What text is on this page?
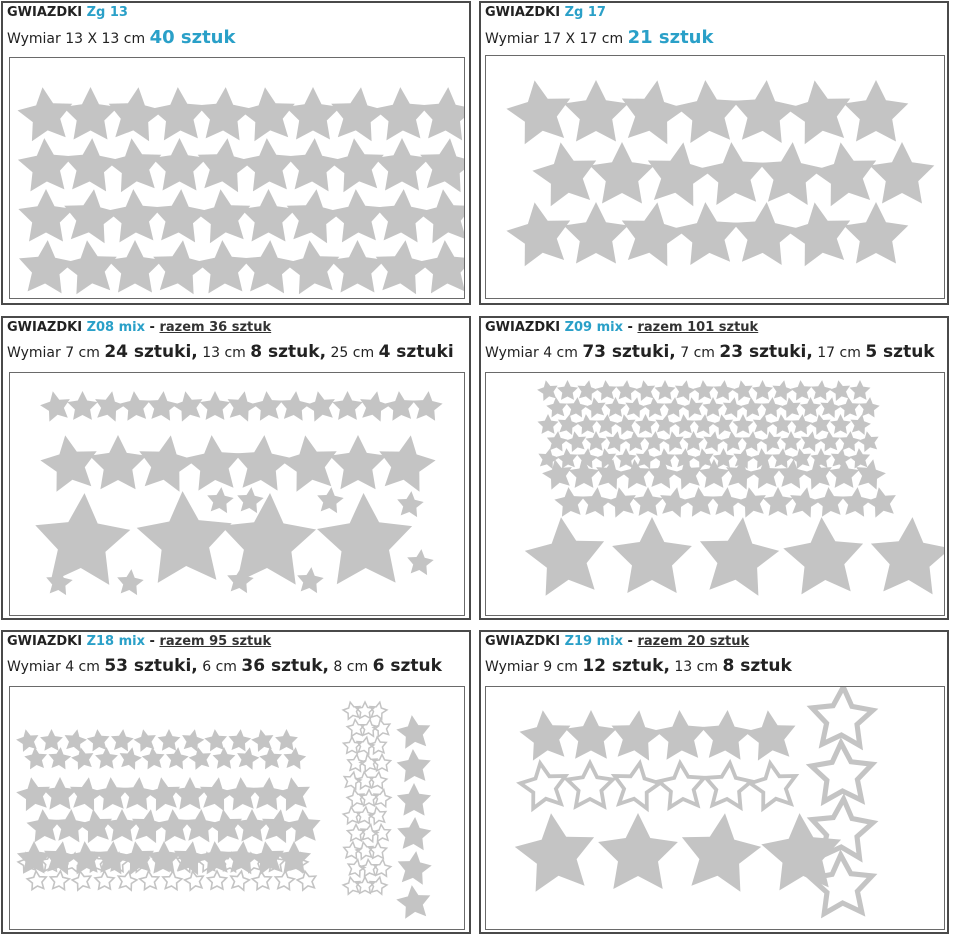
GWIAZDKI Zg 13
Wymiar 13 X 13 cm 40 sztuk
GWIAZDKI Zg 17
Wymiar 17 X 17 cm 21 sztuk
GWIAZDKI Z08 mix - razem 36 sztuk
Wymiar 7 cm 24 sztuki, 13 cm 8 sztuk, 25 cm 4 sztuki
GWIAZDKI Z09 mix - razem 101 sztuk
Wymiar 4 cm 73 sztuki, 7 cm 23 sztuki, 17 cm 5 sztuk
GWIAZDKI Z18 mix - razem 95 sztuk
Wymiar 4 cm 53 sztuki, 6 cm 36 sztuk, 8 cm 6 sztuk
GWIAZDKI Z19 mix - razem 20 sztuk
Wymiar 9 cm 12 sztuk, 13 cm 8 sztuk
